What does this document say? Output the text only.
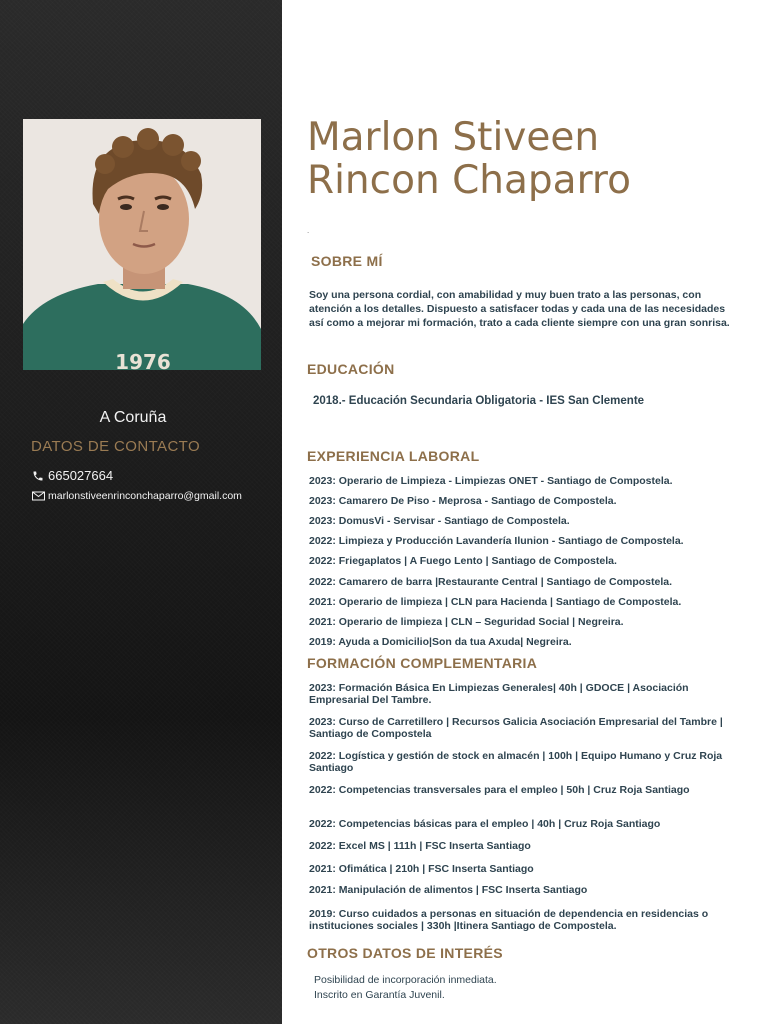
1976
A Coruña
DATOS DE CONTACTO
665027664
marlonstiveenrinconchaparro@gmail.com
Marlon Stiveen
Rincon Chaparro
.
SOBRE MÍ
Soy una persona cordial, con amabilidad y muy buen trato a las personas, con atención a los detalles. Dispuesto a satisfacer todas y cada una de las necesidades así como a mejorar mi formación, trato a cada cliente siempre con una gran sonrisa.
EDUCACIÓN
2018.- Educación Secundaria Obligatoria - IES San Clemente
EXPERIENCIA LABORAL
2023: Operario de Limpieza - Limpiezas ONET - Santiago de Compostela.
2023: Camarero De Piso - Meprosa - Santiago de Compostela.
2023: DomusVi - Servisar - Santiago de Compostela.
2022: Limpieza y Producción Lavandería Ilunion - Santiago de Compostela.
2022: Friegaplatos | A Fuego Lento | Santiago de Compostela.
2022: Camarero de barra |Restaurante Central | Santiago de Compostela.
2021: Operario de limpieza | CLN para Hacienda | Santiago de Compostela.
2021: Operario de limpieza | CLN – Seguridad Social | Negreira.
2019: Ayuda a Domicilio|Son da tua Axuda| Negreira.
FORMACIÓN COMPLEMENTARIA
2023: Formación Básica En Limpiezas Generales| 40h | GDOCE | Asociación Empresarial Del Tambre.
2023: Curso de Carretillero | Recursos Galicia Asociación Empresarial del Tambre | Santiago de Compostela
2022: Logística y gestión de stock en almacén | 100h | Equipo Humano y Cruz Roja Santiago
2022: Competencias transversales para el empleo | 50h | Cruz Roja Santiago
2022: Competencias básicas para el empleo | 40h | Cruz Roja Santiago
2022: Excel MS | 111h | FSC Inserta Santiago
2021: Ofimática | 210h | FSC Inserta Santiago
2021: Manipulación de alimentos | FSC Inserta Santiago
2019: Curso cuidados a personas en situación de dependencia en residencias o instituciones sociales | 330h |Itinera Santiago de Compostela.
OTROS DATOS DE INTERÉS
Posibilidad de incorporación inmediata.
Inscrito en Garantía Juvenil.
